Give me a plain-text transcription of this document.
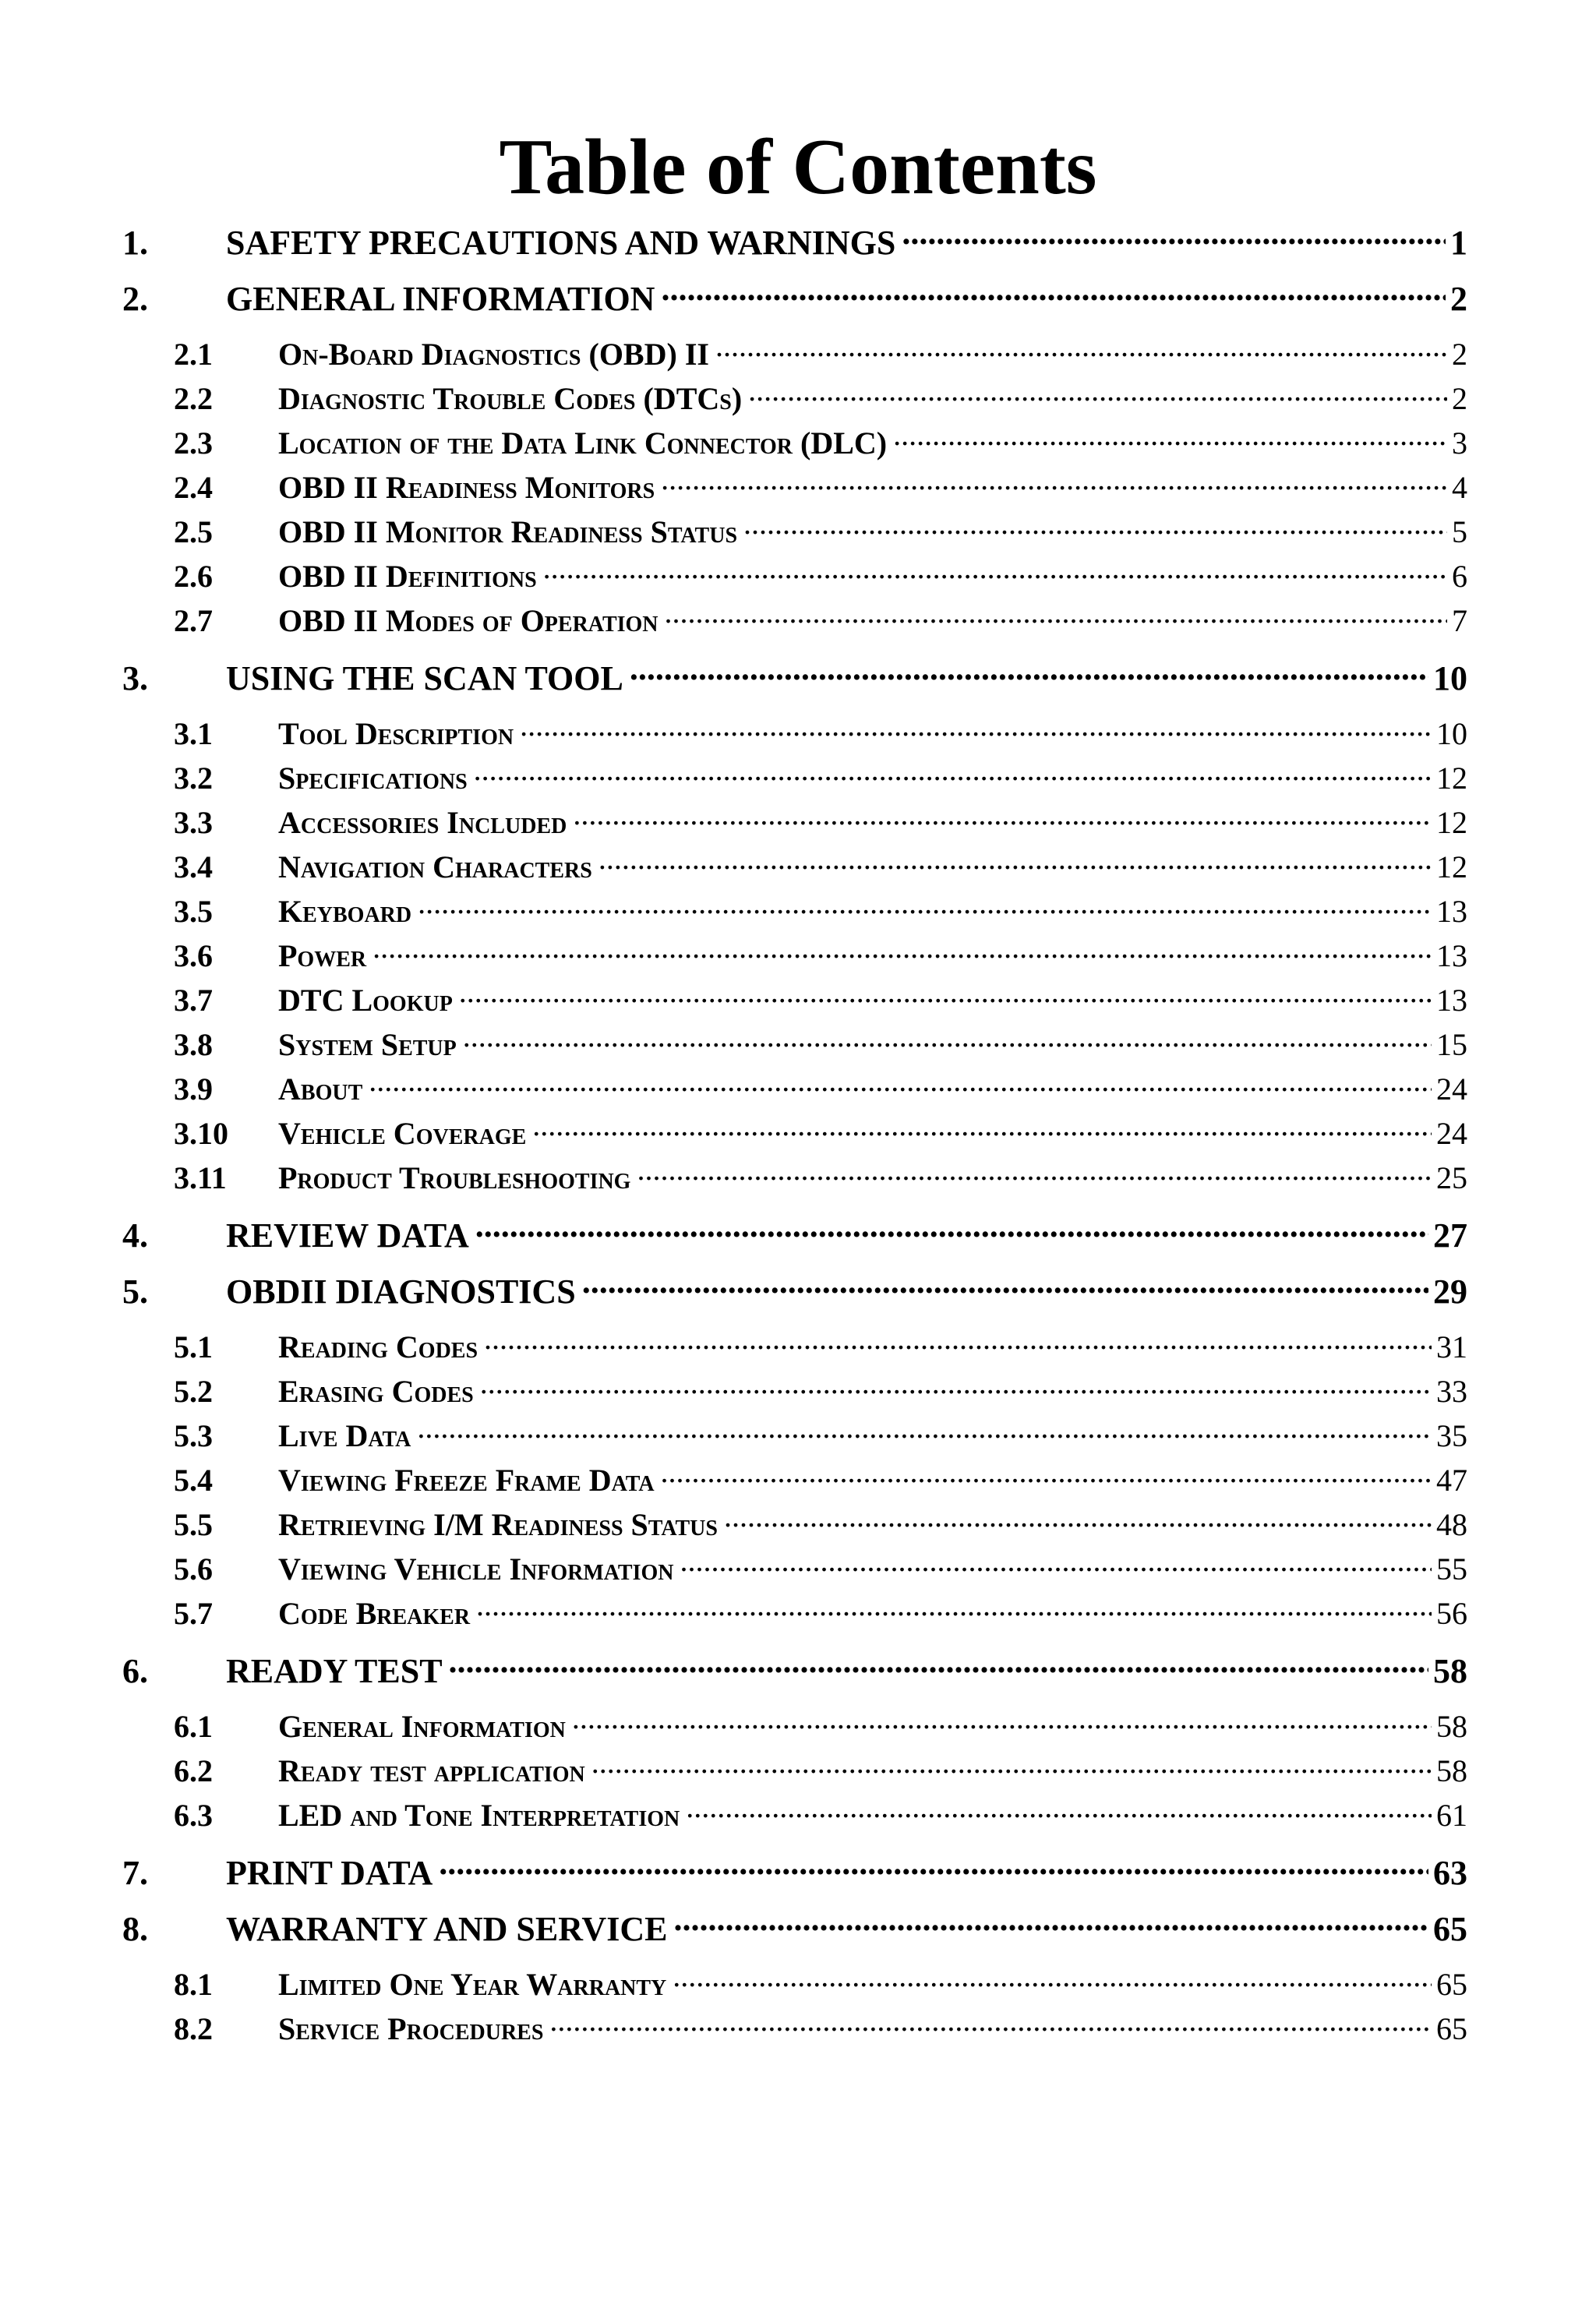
Table of Contents
1.	SAFETY PRECAUTIONS AND WARNINGS .....	1
2.	GENERAL INFORMATION .....	2
2.1	On-Board Diagnostics (OBD) II .....	2
2.2	Diagnostic Trouble Codes (DTCs) .....	2
2.3	Location of the Data Link Connector (DLC) .....	3
2.4	OBD II Readiness Monitors .....	4
2.5	OBD II Monitor Readiness Status .....	5
2.6	OBD II Definitions .....	6
2.7	OBD II Modes of Operation .....	7
3.	USING THE SCAN TOOL .....	10
3.1	Tool Description .....	10
3.2	Specifications .....	12
3.3	Accessories Included .....	12
3.4	Navigation Characters .....	12
3.5	Keyboard .....	13
3.6	Power .....	13
3.7	DTC Lookup .....	13
3.8	System Setup .....	15
3.9	About .....	24
3.10	Vehicle Coverage .....	24
3.11	Product Troubleshooting .....	25
4.	REVIEW DATA .....	27
5.	OBDII DIAGNOSTICS .....	29
5.1	Reading Codes .....	31
5.2	Erasing Codes .....	33
5.3	Live Data .....	35
5.4	Viewing Freeze Frame Data .....	47
5.5	Retrieving I/M Readiness Status .....	48
5.6	Viewing Vehicle Information .....	55
5.7	Code Breaker .....	56
6.	READY TEST .....	58
6.1	General Information .....	58
6.2	Ready test application .....	58
6.3	LED and Tone Interpretation .....	61
7.	PRINT DATA .....	63
8.	WARRANTY AND SERVICE .....	65
8.1	Limited One Year Warranty .....	65
8.2	Service Procedures .....	65
